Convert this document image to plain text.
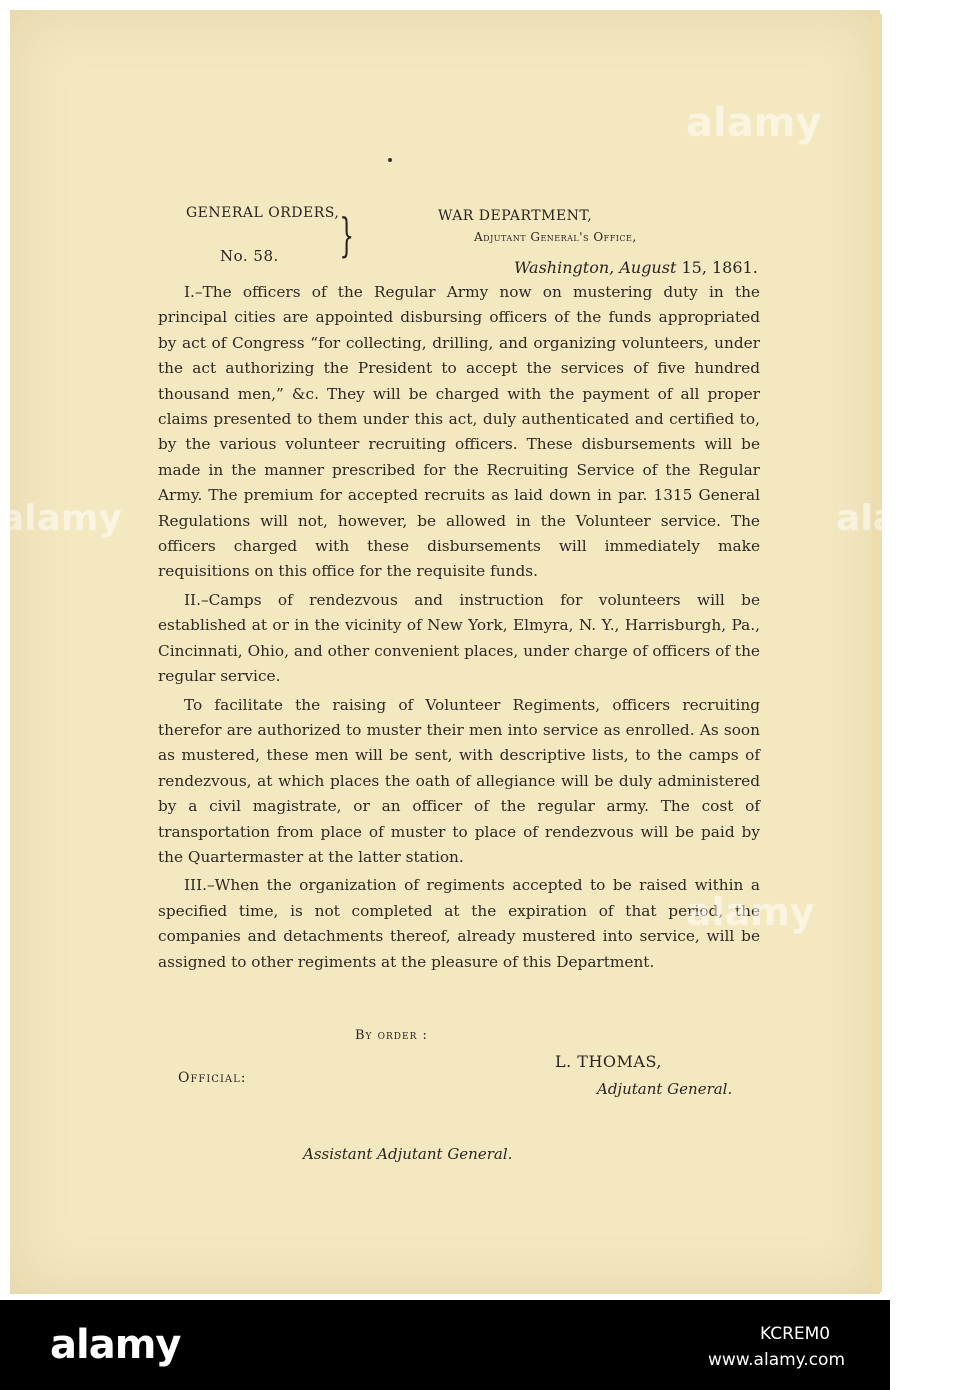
GENERAL ORDERS,
No. 58. }	WAR DEPARTMENT,
Adjutant General's Office,
Washington, August 15, 1861.

I.–The officers of the Regular Army now on mustering duty in the principal cities are appointed disbursing officers of the funds appropriated by act of Congress “for collecting, drilling, and organizing volunteers, under the act authorizing the President to accept the services of five hundred thousand men,” &c. They will be charged with the payment of all proper claims presented to them under this act, duly authenticated and certified to, by the various volunteer recruiting officers. These disbursements will be made in the manner prescribed for the Recruiting Service of the Regular Army. The premium for accepted recruits as laid down in par. 1315 General Regulations will not, however, be allowed in the Volunteer service. The officers charged with these disbursements will immediately make requisitions on this office for the requisite funds.

II.–Camps of rendezvous and instruction for volunteers will be established at or in the vicinity of New York, Elmyra, N. Y., Harrisburgh, Pa., Cincinnati, Ohio, and other convenient places, under charge of officers of the regular service.

To facilitate the raising of Volunteer Regiments, officers recruiting therefor are authorized to muster their men into service as enrolled. As soon as mustered, these men will be sent, with descriptive lists, to the camps of rendezvous, at which places the oath of allegiance will be duly administered by a civil magistrate, or an officer of the regular army. The cost of transportation from place of muster to place of rendezvous will be paid by the Quartermaster at the latter station.

III.–When the organization of regiments accepted to be raised within a specified time, is not completed at the expiration of that period, the companies and detachments thereof, already mustered into service, will be assigned to other regiments at the pleasure of this Department.

By order :
L. THOMAS,
Adjutant General.
Official:
Assistant Adjutant General.
alamy
alamy	alamy
alamy
alamy	KCREM0
www.alamy.com
